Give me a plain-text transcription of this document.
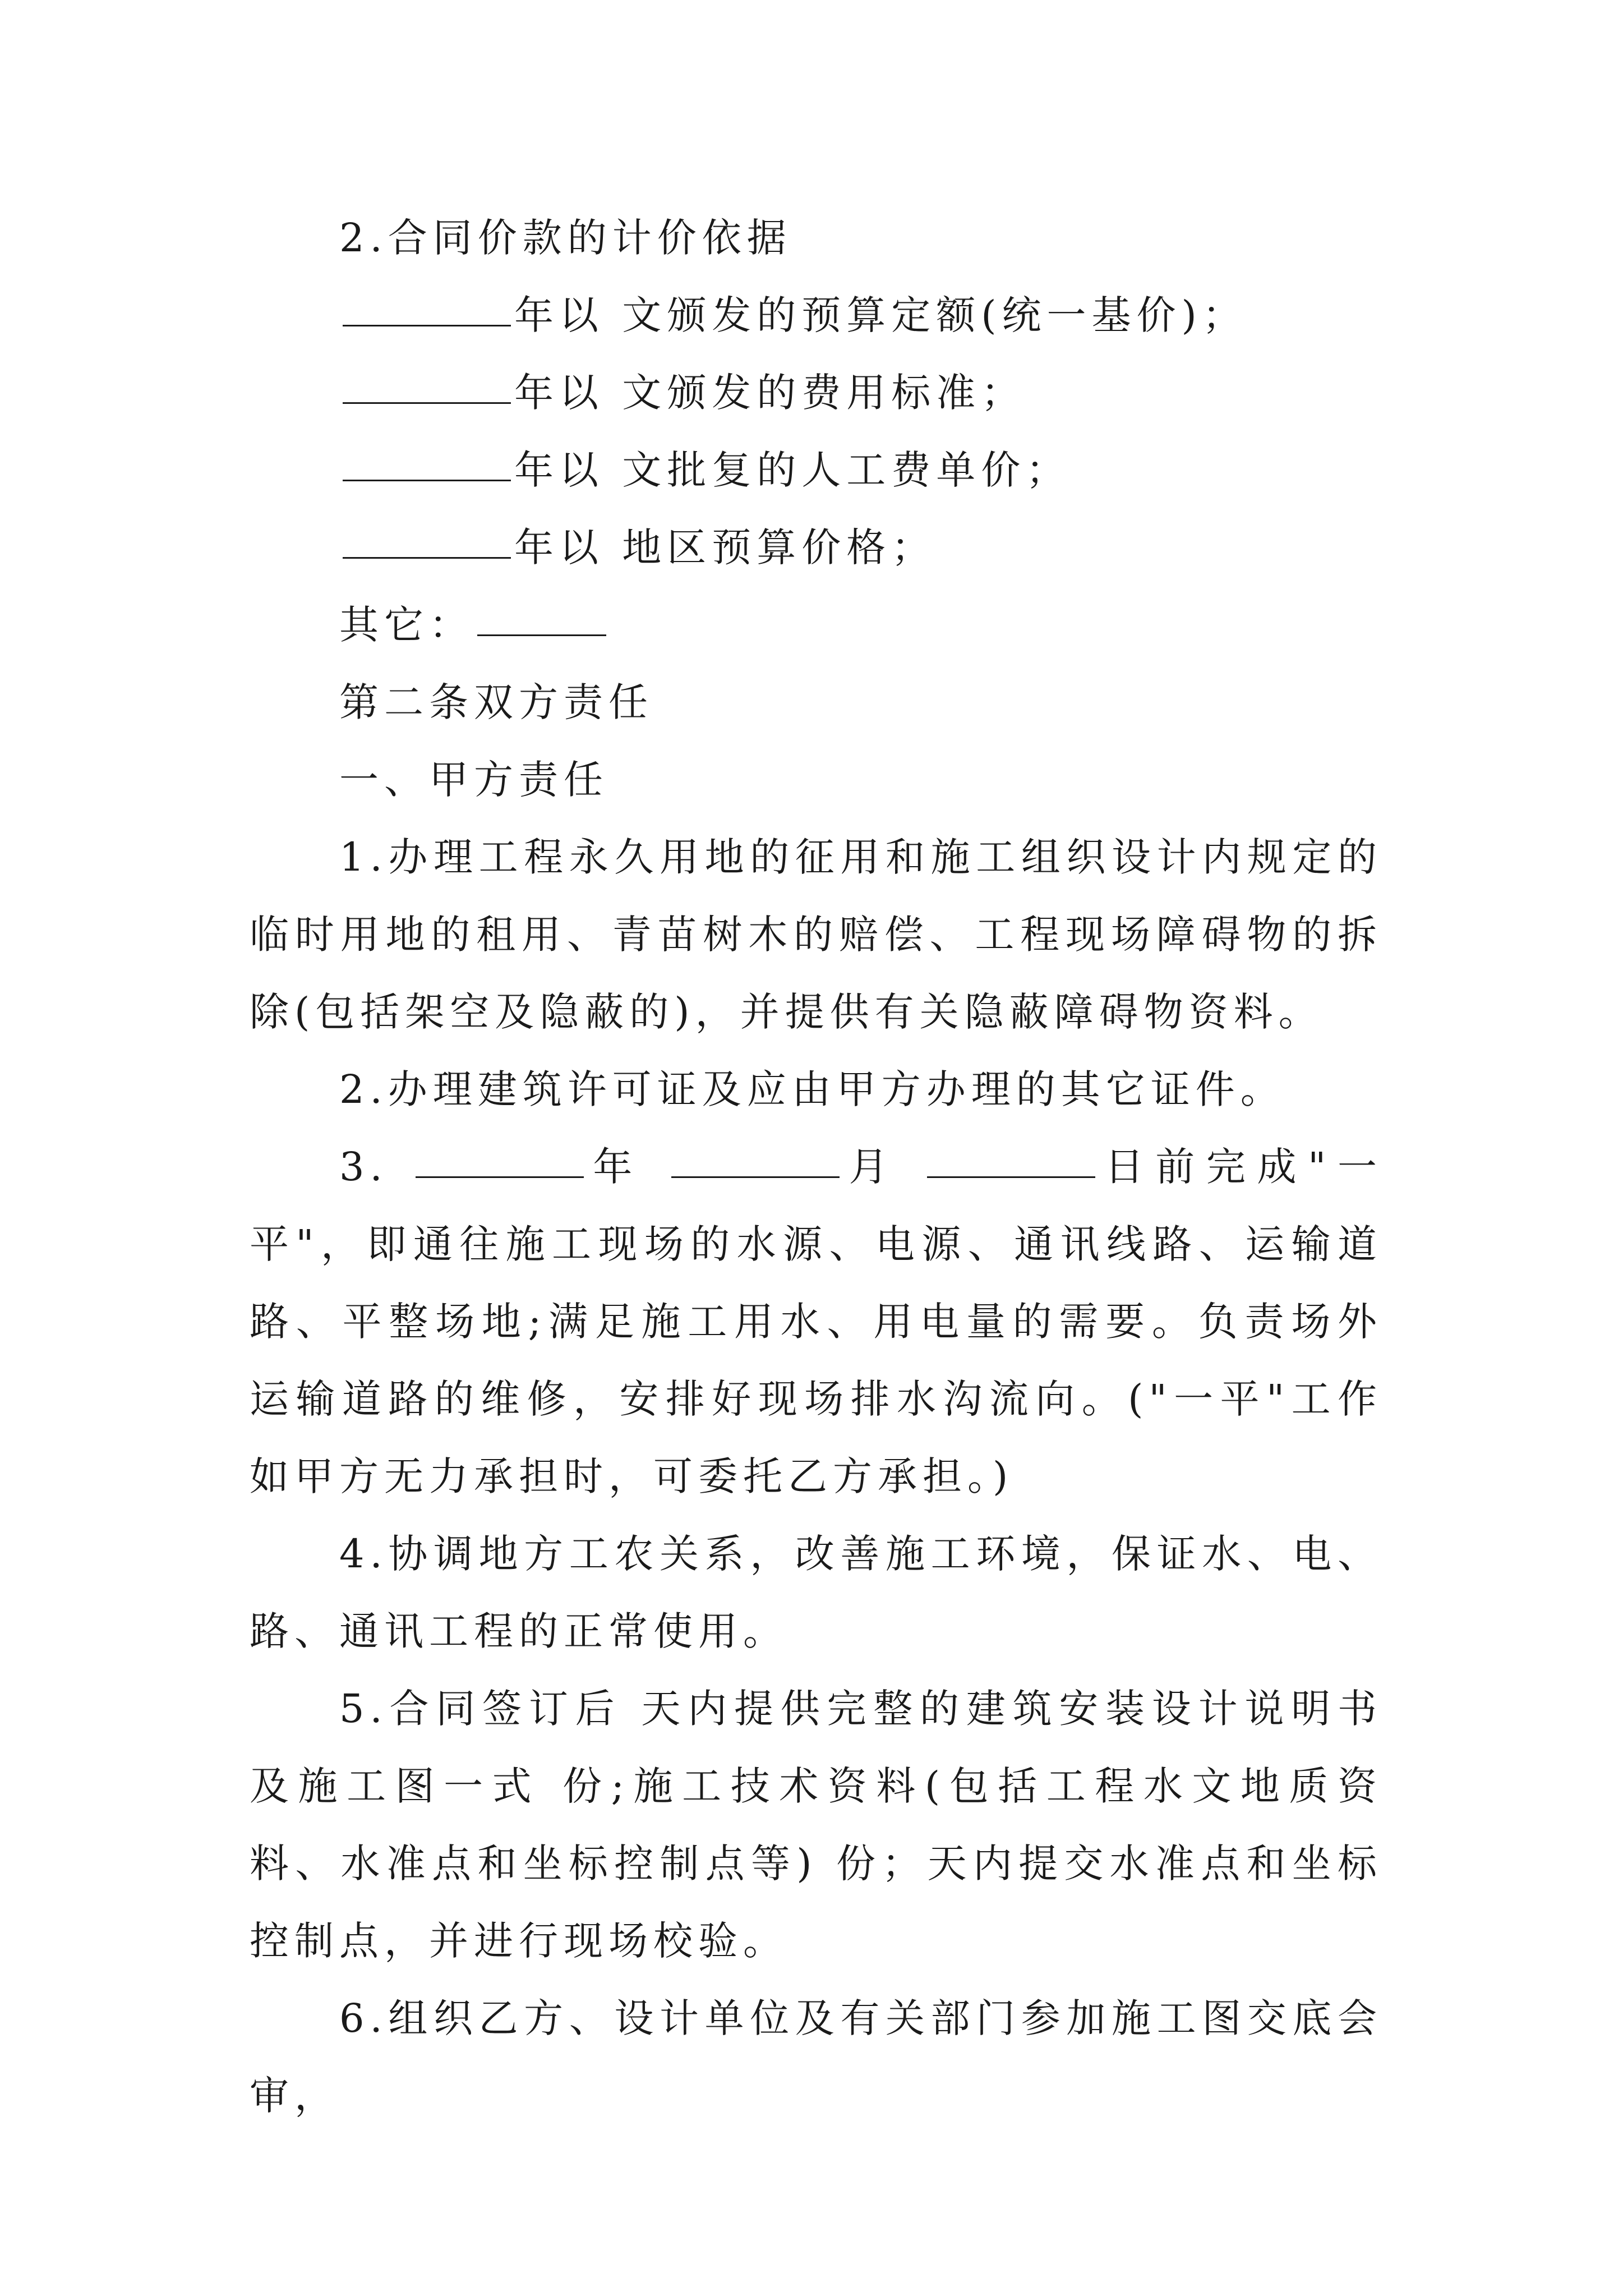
2.合同价款的计价依据

年以 文颁发的预算定额(统一基价)；

年以 文颁发的费用标准；

年以 文批复的人工费单价；

年以 地区预算价格；

其它：

第二条双方责任

一、甲方责任

1.办理工程永久用地的征用和施工组织设计内规定的临时用地的租用、青苗树木的赔偿、工程现场障碍物的拆除(包括架空及隐蔽的)，并提供有关隐蔽障碍物资料。

2.办理建筑许可证及应由甲方办理的其它证件。

3.	年	月	日前完成"一平"，即通往施工现场的水源、电源、通讯线路、运输道路、平整场地;满足施工用水、用电量的需要。负责场外运输道路的维修，安排好现场排水沟流向。("一平"工作如甲方无力承担时，可委托乙方承担。)

4.协调地方工农关系，改善施工环境，保证水、电、路、通讯工程的正常使用。

5.合同签订后 天内提供完整的建筑安装设计说明书及施工图一式 份;施工技术资料(包括工程水文地质资料、水准点和坐标控制点等) 份；天内提交水准点和坐标控制点，并进行现场校验。

6.组织乙方、设计单位及有关部门参加施工图交底会审，
